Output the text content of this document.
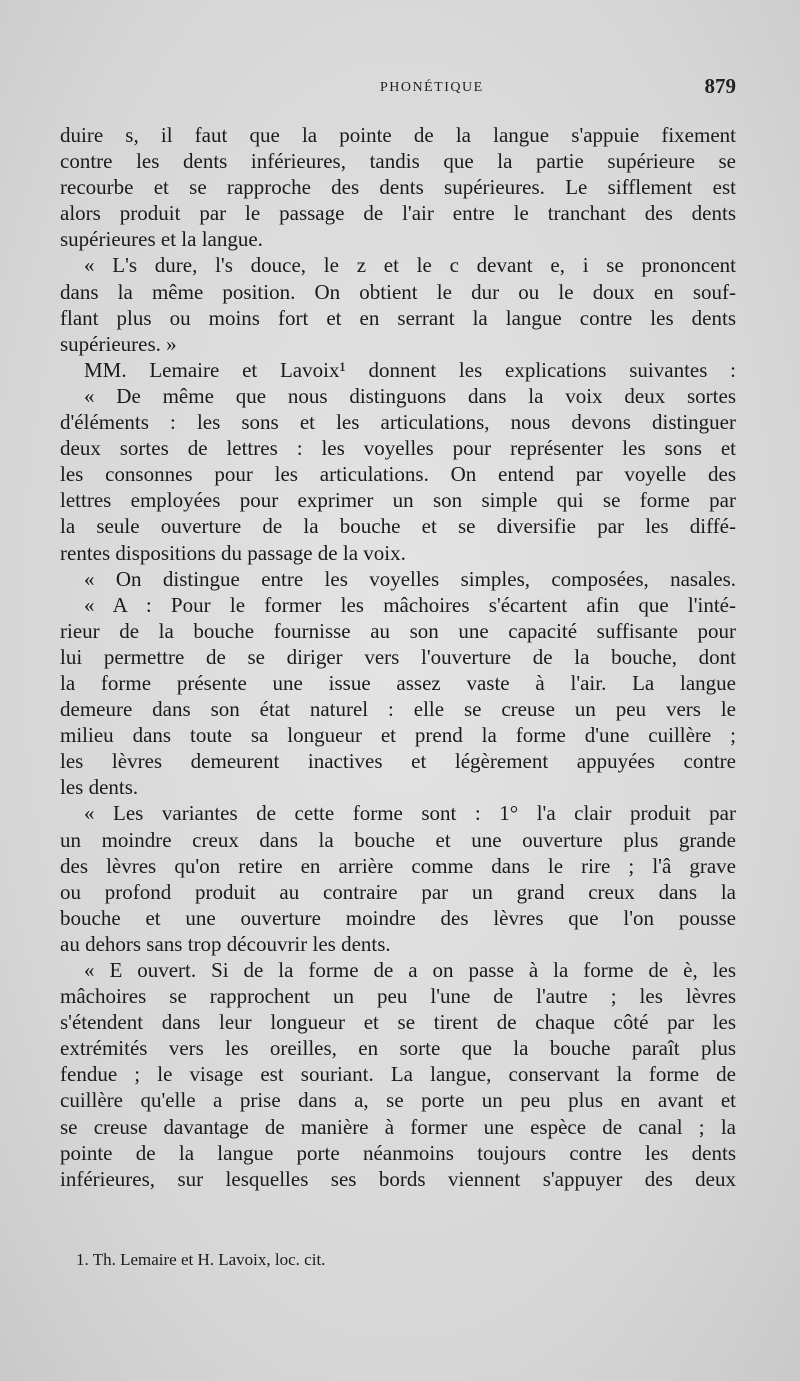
PHONÉTIQUE	879
duire s, il faut que la pointe de la langue s'appuie fixement
contre les dents inférieures, tandis que la partie supérieure se
recourbe et se rapproche des dents supérieures. Le sifflement est
alors produit par le passage de l'air entre le tranchant des dents
supérieures et la langue.
« L's dure, l's douce, le z et le c devant e, i se prononcent
dans la même position. On obtient le dur ou le doux en souf-
flant plus ou moins fort et en serrant la langue contre les dents
supérieures. »
MM. Lemaire et Lavoix¹ donnent les explications suivantes :
« De même que nous distinguons dans la voix deux sortes
d'éléments : les sons et les articulations, nous devons distinguer
deux sortes de lettres : les voyelles pour représenter les sons et
les consonnes pour les articulations. On entend par voyelle des
lettres employées pour exprimer un son simple qui se forme par
la seule ouverture de la bouche et se diversifie par les diffé-
rentes dispositions du passage de la voix.
« On distingue entre les voyelles simples, composées, nasales.
« A : Pour le former les mâchoires s'écartent afin que l'inté-
rieur de la bouche fournisse au son une capacité suffisante pour
lui permettre de se diriger vers l'ouverture de la bouche, dont
la forme présente une issue assez vaste à l'air. La langue
demeure dans son état naturel : elle se creuse un peu vers le
milieu dans toute sa longueur et prend la forme d'une cuillère ;
les lèvres demeurent inactives et légèrement appuyées contre
les dents.
« Les variantes de cette forme sont : 1° l'a clair produit par
un moindre creux dans la bouche et une ouverture plus grande
des lèvres qu'on retire en arrière comme dans le rire ; l'â grave
ou profond produit au contraire par un grand creux dans la
bouche et une ouverture moindre des lèvres que l'on pousse
au dehors sans trop découvrir les dents.
« E ouvert. Si de la forme de a on passe à la forme de è, les
mâchoires se rapprochent un peu l'une de l'autre ; les lèvres
s'étendent dans leur longueur et se tirent de chaque côté par les
extrémités vers les oreilles, en sorte que la bouche paraît plus
fendue ; le visage est souriant. La langue, conservant la forme de
cuillère qu'elle a prise dans a, se porte un peu plus en avant et
se creuse davantage de manière à former une espèce de canal ; la
pointe de la langue porte néanmoins toujours contre les dents
inférieures, sur lesquelles ses bords viennent s'appuyer des deux
1. Th. Lemaire et H. Lavoix, loc. cit.
